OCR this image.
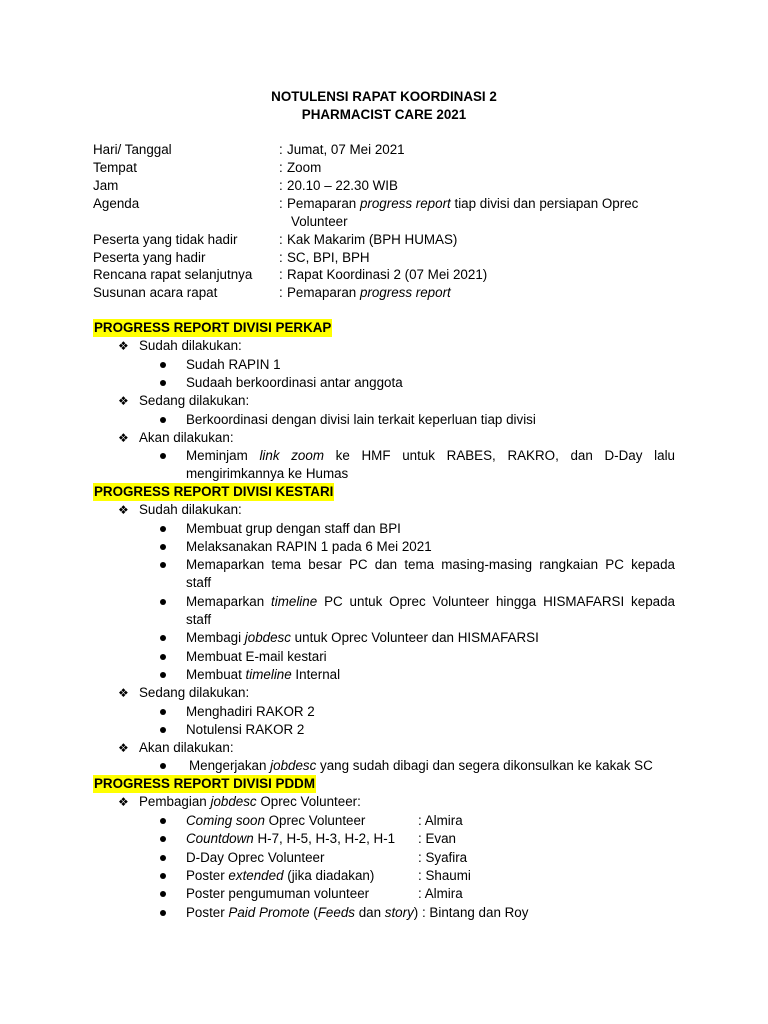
NOTULENSI RAPAT KOORDINASI 2
PHARMACIST CARE 2021
Hari/ Tanggal	: Jumat, 07 Mei 2021
Tempat	: Zoom
Jam	: 20.10 – 22.30 WIB
Agenda	: Pemaparan progress report tiap divisi dan persiapan Oprec
Volunteer
Peserta yang tidak hadir	: Kak Makarim (BPH HUMAS)
Peserta yang hadir	: SC, BPI, BPH
Rencana rapat selanjutnya : Rapat Koordinasi 2 (07 Mei 2021)
Susunan acara rapat	: Pemaparan progress report
PROGRESS REPORT DIVISI PERKAP
❖ Sudah dilakukan:
Sudah RAPIN 1
Sudaah berkoordinasi antar anggota
❖ Sedang dilakukan:
Berkoordinasi dengan divisi lain terkait keperluan tiap divisi
❖ Akan dilakukan:
Meminjam link zoom ke HMF untuk RABES, RAKRO, dan D-Day lalu
mengirimkannya ke Humas
PROGRESS REPORT DIVISI KESTARI
❖ Sudah dilakukan:
Membuat grup dengan staff dan BPI
Melaksanakan RAPIN 1 pada 6 Mei 2021
Memaparkan tema besar PC dan tema masing-masing rangkaian PC kepada
staff
Memaparkan timeline PC untuk Oprec Volunteer hingga HISMAFARSI kepada
staff
Membagi jobdesc untuk Oprec Volunteer dan HISMAFARSI
Membuat E-mail kestari
Membuat timeline Internal
❖ Sedang dilakukan:
Menghadiri RAKOR 2
Notulensi RAKOR 2
❖ Akan dilakukan:
Mengerjakan jobdesc yang sudah dibagi dan segera dikonsulkan ke kakak SC
PROGRESS REPORT DIVISI PDDM
❖ Pembagian jobdesc Oprec Volunteer:
Coming soon Oprec Volunteer	: Almira
Countdown H-7, H-5, H-3, H-2, H-1 : Evan
D-Day Oprec Volunteer	: Syafira
Poster extended (jika diadakan)	: Shaumi
Poster pengumuman volunteer	: Almira
Poster Paid Promote (Feeds dan story) : Bintang dan Roy
